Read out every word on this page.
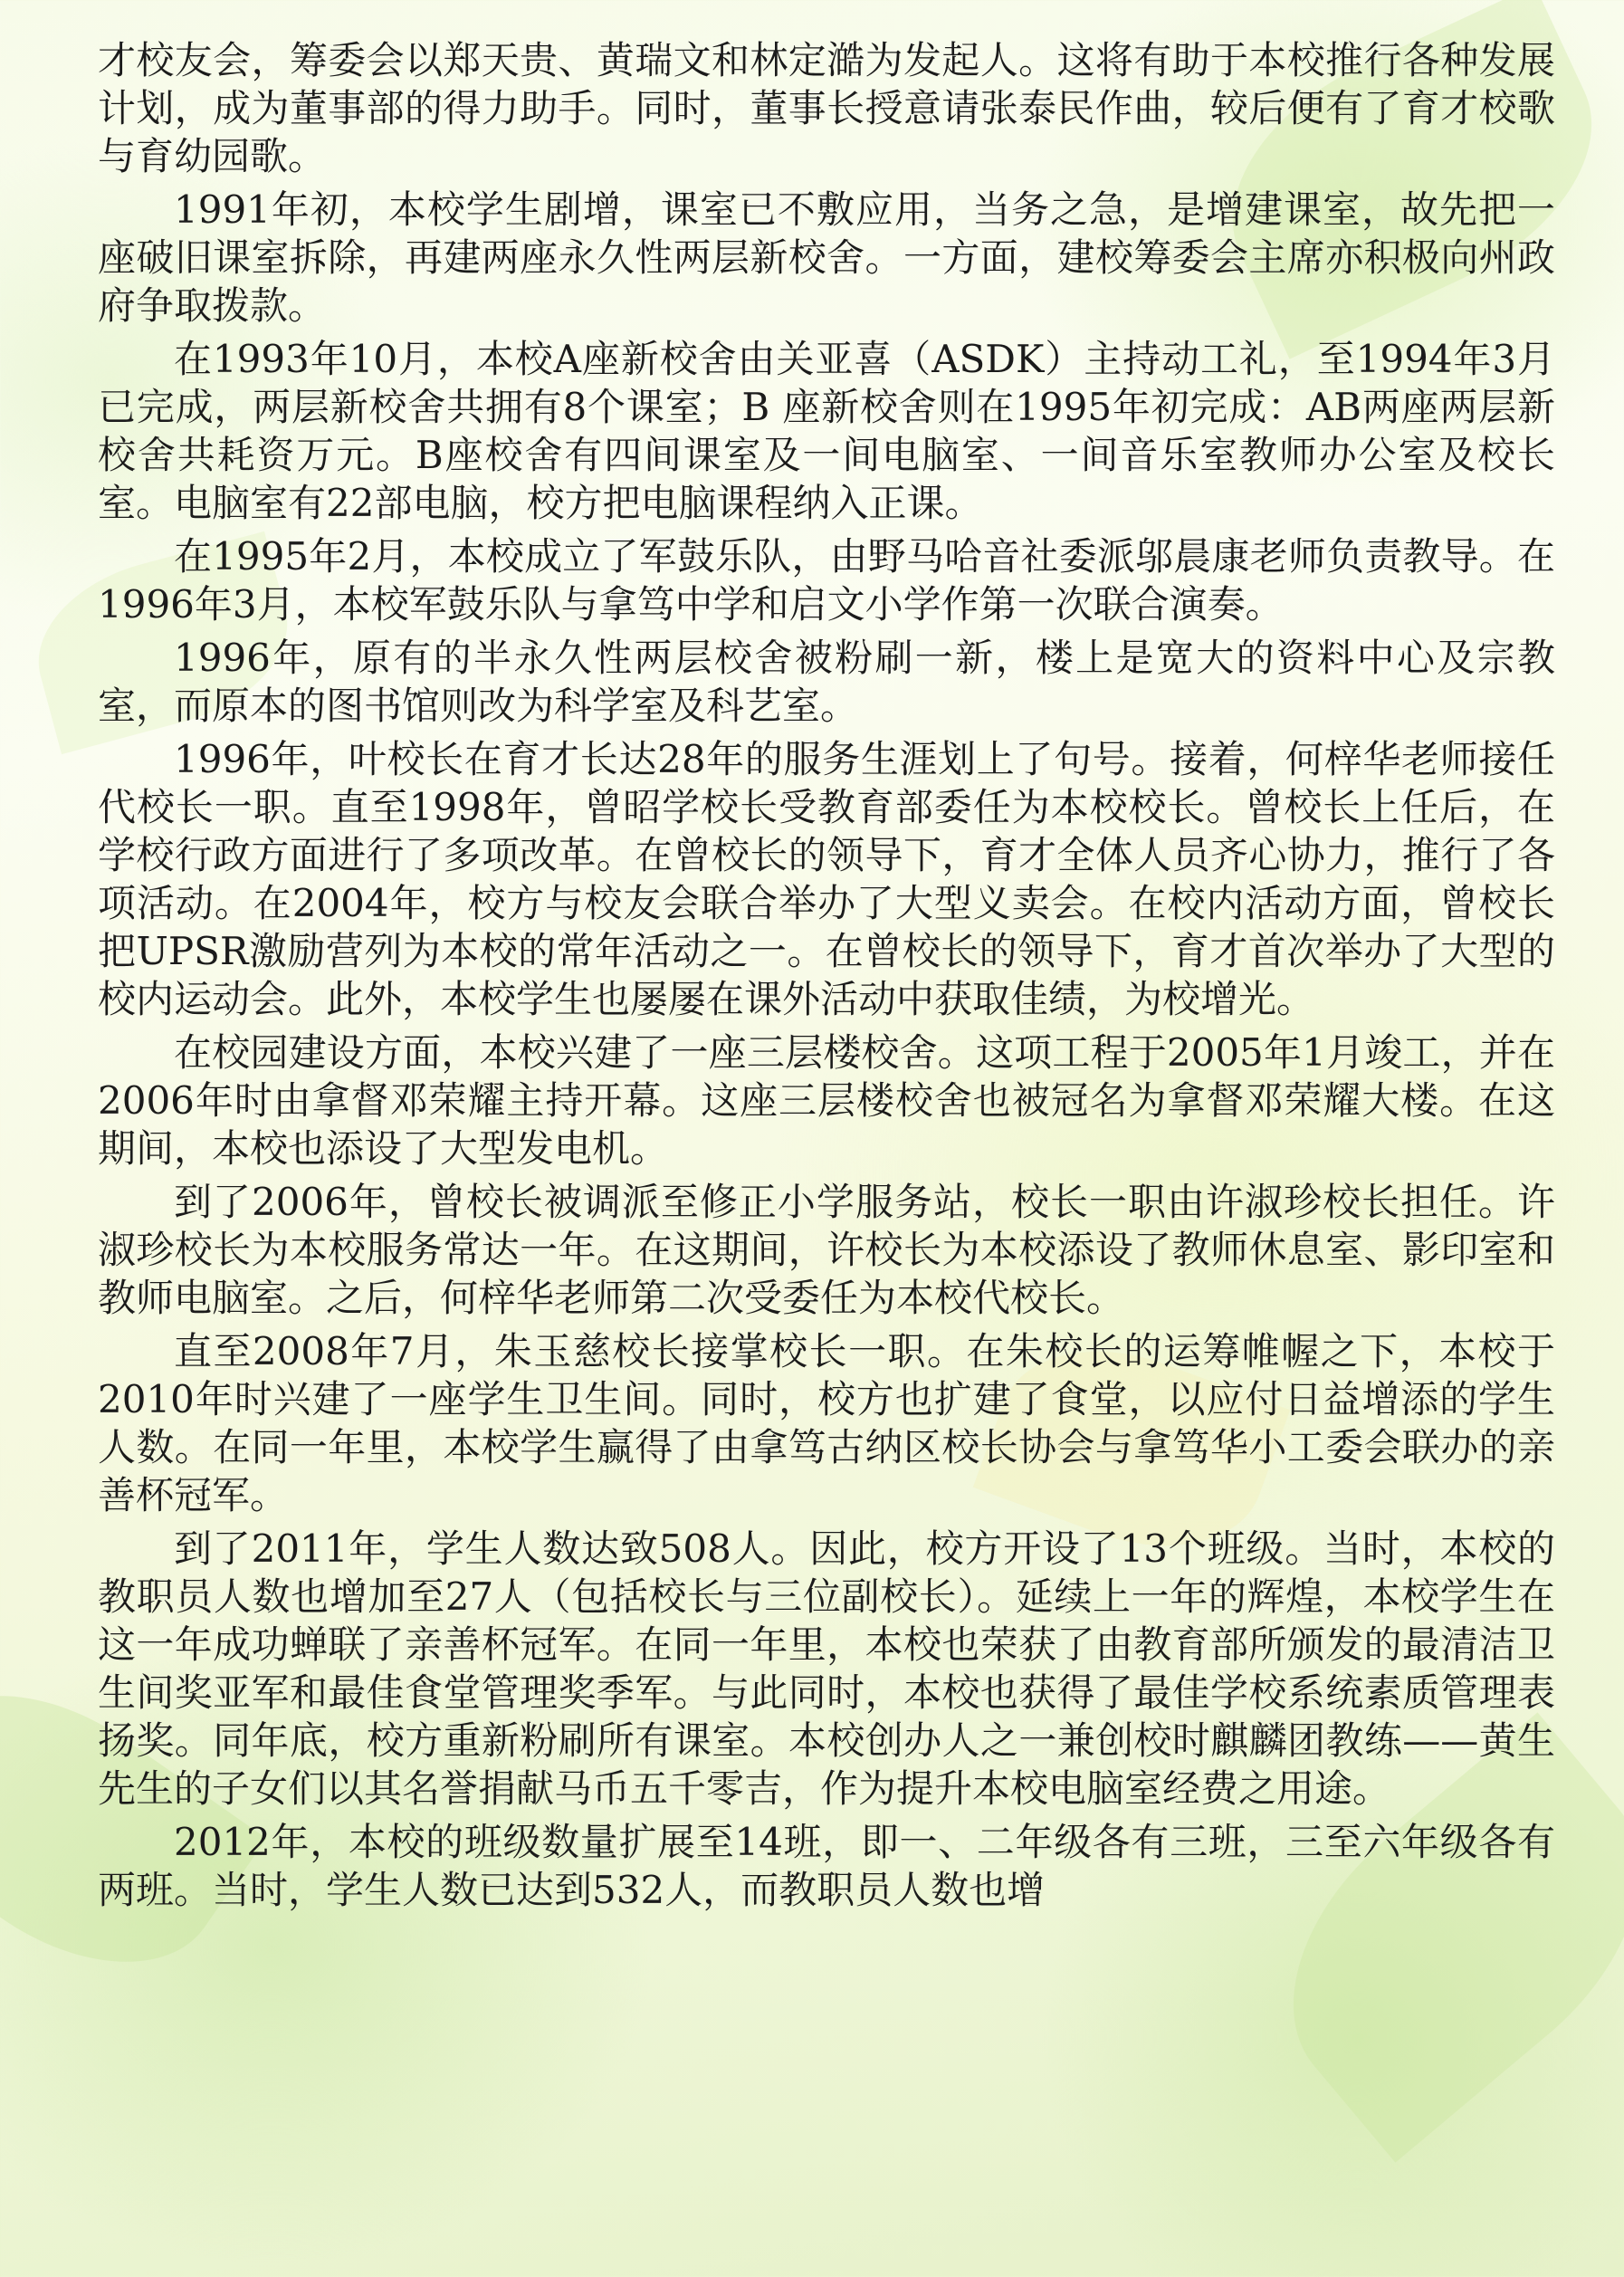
才校友会，筹委会以郑天贵、黄瑞文和林定澔为发起人。这将有助于本校推行各种发展计划，成为董事部的得力助手。同时，董事长授意请张泰民作曲，较后便有了育才校歌与育幼园歌。

1991年初，本校学生剧增，课室已不敷应用，当务之急，是增建课室，故先把一座破旧课室拆除，再建两座永久性两层新校舍。一方面，建校筹委会主席亦积极向州政府争取拨款。

在1993年10月，本校A座新校舍由关亚喜（ASDK）主持动工礼，至1994年3月已完成，两层新校舍共拥有8个课室；B 座新校舍则在1995年初完成：AB两座两层新校舍共耗资万元。B座校舍有四间课室及一间电脑室、一间音乐室教师办公室及校长室。电脑室有22部电脑，校方把电脑课程纳入正课。

在1995年2月，本校成立了军鼓乐队，由野马哈音社委派邬晨康老师负责教导。在1996年3月，本校军鼓乐队与拿笃中学和启文小学作第一次联合演奏。

1996年，原有的半永久性两层校舍被粉刷一新，楼上是宽大的资料中心及宗教室，而原本的图书馆则改为科学室及科艺室。

1996年，叶校长在育才长达28年的服务生涯划上了句号。接着，何梓华老师接任代校长一职。直至1998年，曾昭学校长受教育部委任为本校校长。曾校长上任后，在学校行政方面进行了多项改革。在曾校长的领导下，育才全体人员齐心协力，推行了各项活动。在2004年，校方与校友会联合举办了大型义卖会。在校内活动方面，曾校长把UPSR激励营列为本校的常年活动之一。在曾校长的领导下，育才首次举办了大型的校内运动会。此外，本校学生也屡屡在课外活动中获取佳绩，为校增光。

在校园建设方面，本校兴建了一座三层楼校舍。这项工程于2005年1月竣工，并在2006年时由拿督邓荣耀主持开幕。这座三层楼校舍也被冠名为拿督邓荣耀大楼。在这期间，本校也添设了大型发电机。

到了2006年，曾校长被调派至修正小学服务站，校长一职由许淑珍校长担任。许淑珍校长为本校服务常达一年。在这期间，许校长为本校添设了教师休息室、影印室和教师电脑室。之后，何梓华老师第二次受委任为本校代校长。

直至2008年7月，朱玉慈校长接掌校长一职。在朱校长的运筹帷幄之下，本校于2010年时兴建了一座学生卫生间。同时，校方也扩建了食堂，以应付日益增添的学生人数。在同一年里，本校学生赢得了由拿笃古纳区校长协会与拿笃华小工委会联办的亲善杯冠军。

到了2011年，学生人数达致508人。因此，校方开设了13个班级。当时，本校的教职员人数也增加至27人（包括校长与三位副校长）。延续上一年的辉煌，本校学生在这一年成功蝉联了亲善杯冠军。在同一年里，本校也荣获了由教育部所颁发的最清洁卫生间奖亚军和最佳食堂管理奖季军。与此同时，本校也获得了最佳学校系统素质管理表扬奖。同年底，校方重新粉刷所有课室。本校创办人之一兼创校时麒麟团教练——黄生先生的子女们以其名誉捐献马币五千零吉，作为提升本校电脑室经费之用途。

2012年，本校的班级数量扩展至14班，即一、二年级各有三班，三至六年级各有两班。当时，学生人数已达到532人，而教职员人数也增
